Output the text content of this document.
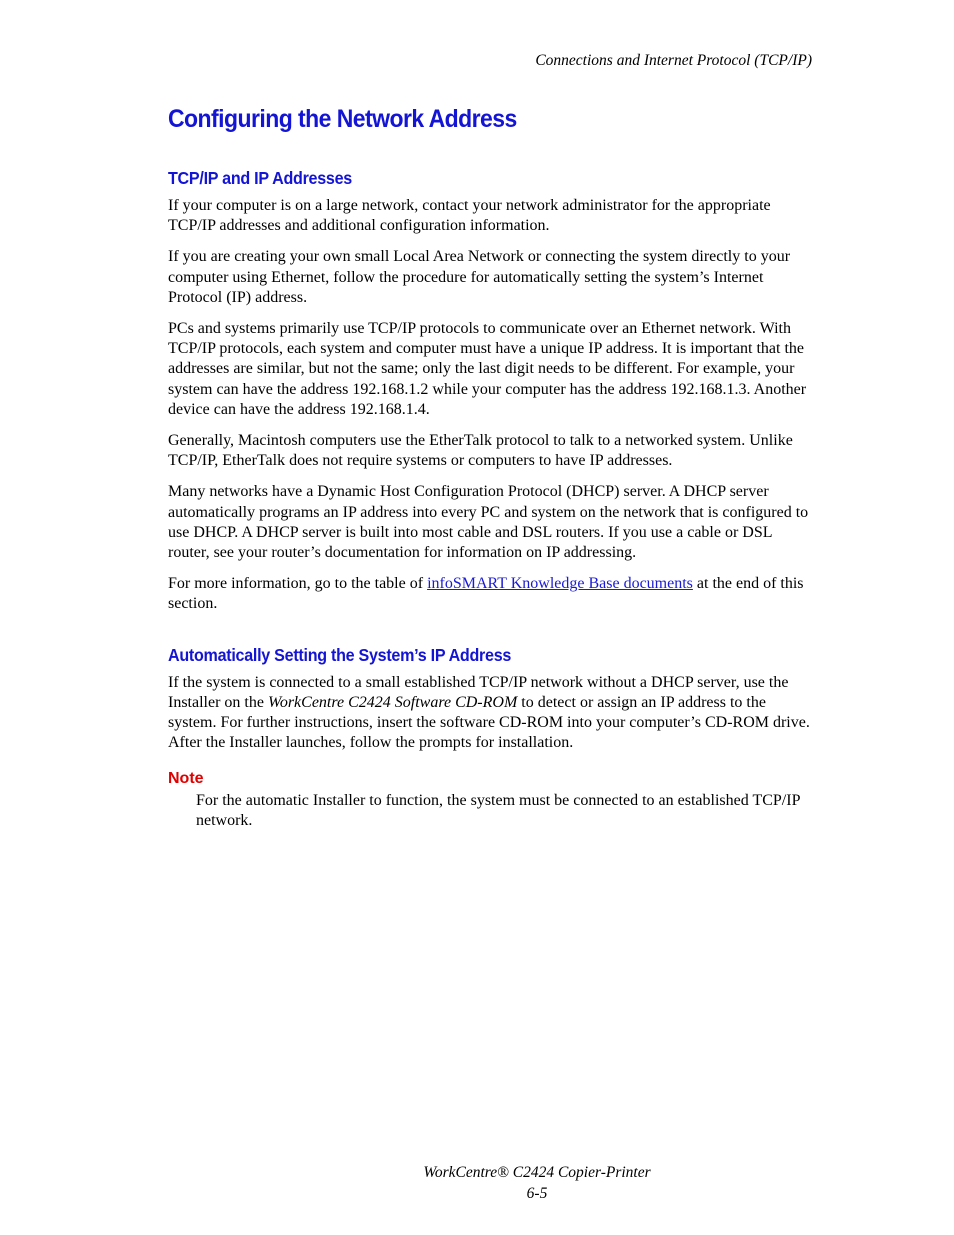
Connections and Internet Protocol (TCP/IP)
Configuring the Network Address
TCP/IP and IP Addresses

If your computer is on a large network, contact your network administrator for the appropriate TCP/IP addresses and additional configuration information.

If you are creating your own small Local Area Network or connecting the system directly to your computer using Ethernet, follow the procedure for automatically setting the system’s Internet Protocol (IP) address.

PCs and systems primarily use TCP/IP protocols to communicate over an Ethernet network. With TCP/IP protocols, each system and computer must have a unique IP address. It is important that the addresses are similar, but not the same; only the last digit needs to be different. For example, your system can have the address 192.168.1.2 while your computer has the address 192.168.1.3. Another device can have the address 192.168.1.4.

Generally, Macintosh computers use the EtherTalk protocol to talk to a networked system. Unlike TCP/IP, EtherTalk does not require systems or computers to have IP addresses.

Many networks have a Dynamic Host Configuration Protocol (DHCP) server. A DHCP server automatically programs an IP address into every PC and system on the network that is configured to use DHCP. A DHCP server is built into most cable and DSL routers. If you use a cable or DSL router, see your router’s documentation for information on IP addressing.

For more information, go to the table of infoSMART Knowledge Base documents at the end of this section.

Automatically Setting the System’s IP Address

If the system is connected to a small established TCP/IP network without a DHCP server, use the Installer on the WorkCentre C2424 Software CD-ROM to detect or assign an IP address to the system. For further instructions, insert the software CD-ROM into your computer’s CD-ROM drive. After the Installer launches, follow the prompts for installation.

Note
For the automatic Installer to function, the system must be connected to an established TCP/IP network.
WorkCentre® C2424 Copier-Printer
6-5
